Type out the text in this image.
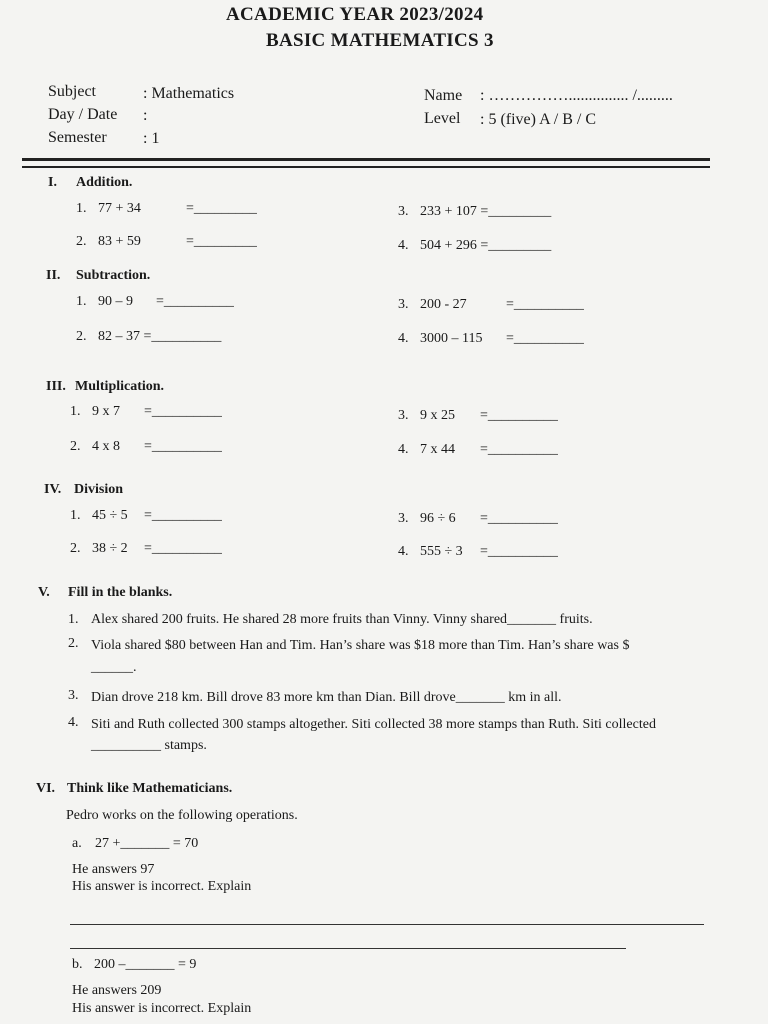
ACADEMIC YEAR 2023/2024
BASIC MATHEMATICS 3
Subject	: Mathematics
Day / Date :
Semester : 1
Name : ……………............... /.........
Level : 5 (five) A / B / C
I. Addition.
1. 77 + 34	=_________
2. 83 + 59	=_________
3. 233 + 107 =_________
4. 504 + 296 =_________
II. Subtraction.
1. 90 – 9 =__________
2. 82 – 37 =__________
3. 200 - 27	=__________
4. 3000 – 115 =__________
III. Multiplication.
1. 9 x 7 =__________
2. 4 x 8 =__________
3. 9 x 25 =__________
4. 7 x 44 =__________
IV. Division
1. 45 ÷ 5 =__________
2. 38 ÷ 2 =__________
3. 96 ÷ 6 =__________
4. 555 ÷ 3 =__________
V. Fill in the blanks.
1. Alex shared 200 fruits. He shared 28 more fruits than Vinny. Vinny shared_______ fruits.
2. Viola shared $80 between Han and Tim. Han’s share was $18 more than Tim. Han’s share was $
______.
3. Dian drove 218 km. Bill drove 83 more km than Dian. Bill drove_______ km in all.
4. Siti and Ruth collected 300 stamps altogether. Siti collected 38 more stamps than Ruth. Siti collected
__________ stamps.
VI. Think like Mathematicians.
Pedro works on the following operations.
a. 27 +_______ = 70
He answers 97
His answer is incorrect. Explain
b. 200 –_______ = 9
He answers 209
His answer is incorrect. Explain
